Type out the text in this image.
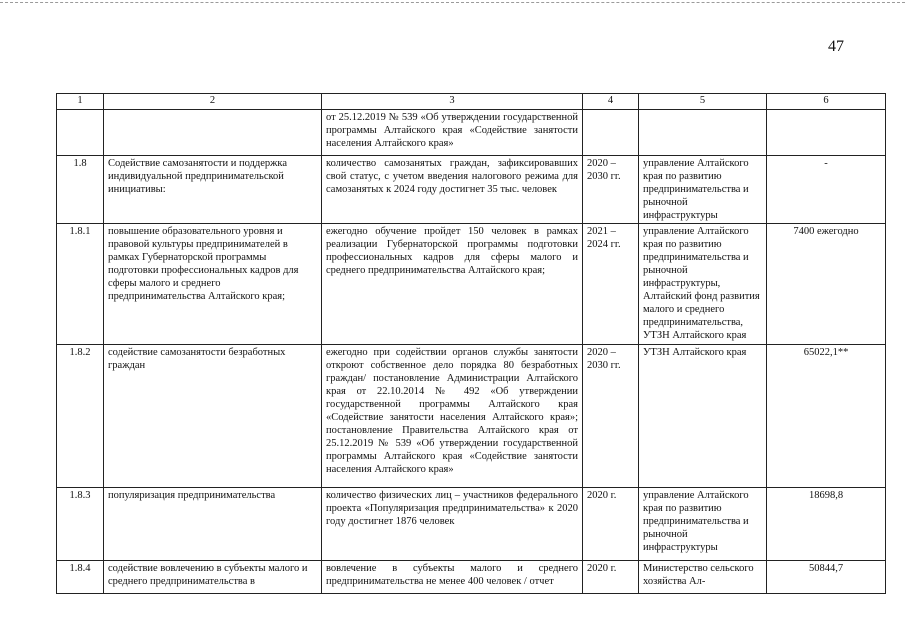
47
1	2	3	4	5	6
		от 25.12.2019 № 539 «Об утверждении государственной программы Алтайского края «Содействие занятости населения Алтайского края»			
1.8	Содействие самозанятости и поддержка индивидуальной предпринимательской инициативы:	количество самозанятых граждан, зафиксировавших свой статус, с учетом введения налогового режима для самозанятых к 2024 году достигнет 35 тыс. человек	2020 – 2030 гг.	управление Алтайского края по развитию предпринимательства и рыночной инфраструктуры	-
1.8.1	повышение образовательного уровня и правовой культуры предпринимателей в рамках Губернаторской программы подготовки профессиональных кадров для сферы малого и среднего предпринимательства Алтайского края;	ежегодно обучение пройдет 150 человек в рамках реализации Губернаторской программы подготовки профессиональных кадров для сферы малого и среднего предпринимательства Алтайского края;	2021 – 2024 гг.	управление Алтайского края по развитию предпринимательства и рыночной инфраструктуры, Алтайский фонд развития малого и среднего предпринимательства, УТЗН Алтайского края	7400 ежегодно
1.8.2	содействие самозанятости безработных граждан	ежегодно при содействии органов службы занятости откроют собственное дело порядка 80 безработных граждан/ постановление Администрации Алтайского края от 22.10.2014 № 492 «Об утверждении государственной программы Алтайского края «Содействие занятости населения Алтайского края»; постановление Правительства Алтайского края от 25.12.2019 № 539 «Об утверждении государственной программы Алтайского края «Содействие занятости населения Алтайского края»	2020 – 2030 гг.	УТЗН Алтайского края	65022,1**
1.8.3	популяризация предпринимательства	количество физических лиц – участников федерального проекта «Популяризация предпринимательства» к 2020 году достигнет 1876 человек	2020 г.	управление Алтайского края по развитию предпринимательства и рыночной инфраструктуры	18698,8
1.8.4	содействие вовлечению в субъекты малого и среднего предпринимательства в	вовлечение в субъекты малого и среднего предпринимательства не менее 400 человек / отчет	2020 г.	Министерство сельского хозяйства Ал-	50844,7
